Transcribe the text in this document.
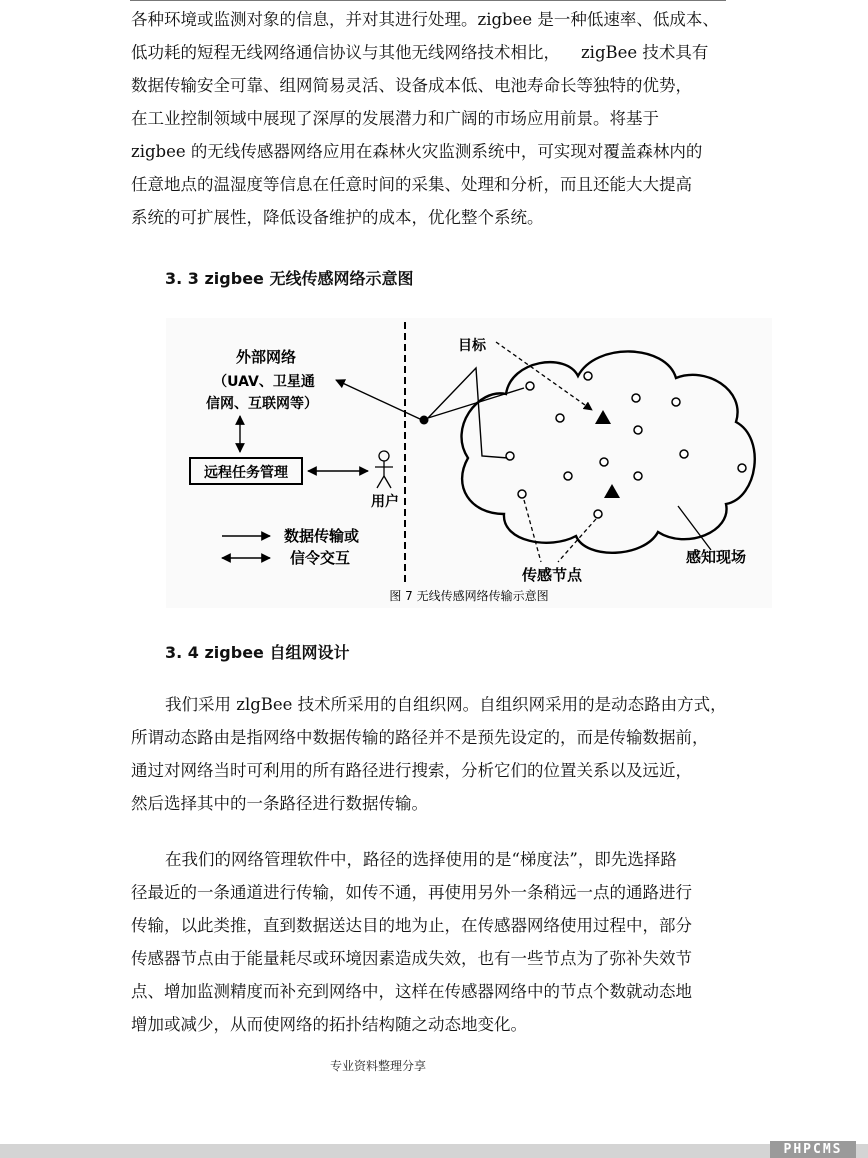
各种环境或监测对象的信息，并对其进行处理。zigbee 是一种低速率、低成本、
低功耗的短程无线网络通信协议与其他无线网络技术相比，    zigBee 技术具有
数据传输安全可靠、组网简易灵活、设备成本低、电池寿命长等独特的优势，
在工业控制领域中展现了深厚的发展潜力和广阔的市场应用前景。将基于
zigbee 的无线传感器网络应用在森林火灾监测系统中，可实现对覆盖森林内的
任意地点的温湿度等信息在任意时间的采集、处理和分析，而且还能大大提高
系统的可扩展性，降低设备维护的成本，优化整个系统。
3. 3 zigbee 无线传感网络示意图
外部网络
（UAV、卫星通
信网、互联网等）
远程任务管理
用户
目标
传感节点
感知现场
数据传输或
信令交互
图 7 无线传感网络传输示意图
3. 4 zigbee 自组网设计
我们采用 zlgBee 技术所采用的自组织网。自组织网采用的是动态路由方式，
所谓动态路由是指网络中数据传输的路径并不是预先设定的，而是传输数据前，
通过对网络当时可利用的所有路径进行搜索，分析它们的位置关系以及远近，
然后选择其中的一条路径进行数据传输。
在我们的网络管理软件中，路径的选择使用的是“梯度法”，即先选择路
径最近的一条通道进行传输，如传不通，再使用另外一条稍远一点的通路进行
传输，以此类推，直到数据送达目的地为止，在传感器网络使用过程中，部分
传感器节点由于能量耗尽或环境因素造成失效，也有一些节点为了弥补失效节
点、增加监测精度而补充到网络中，这样在传感器网络中的节点个数就动态地
增加或减少，从而使网络的拓扑结构随之动态地变化。
专业资料整理分享
PHPCMS
